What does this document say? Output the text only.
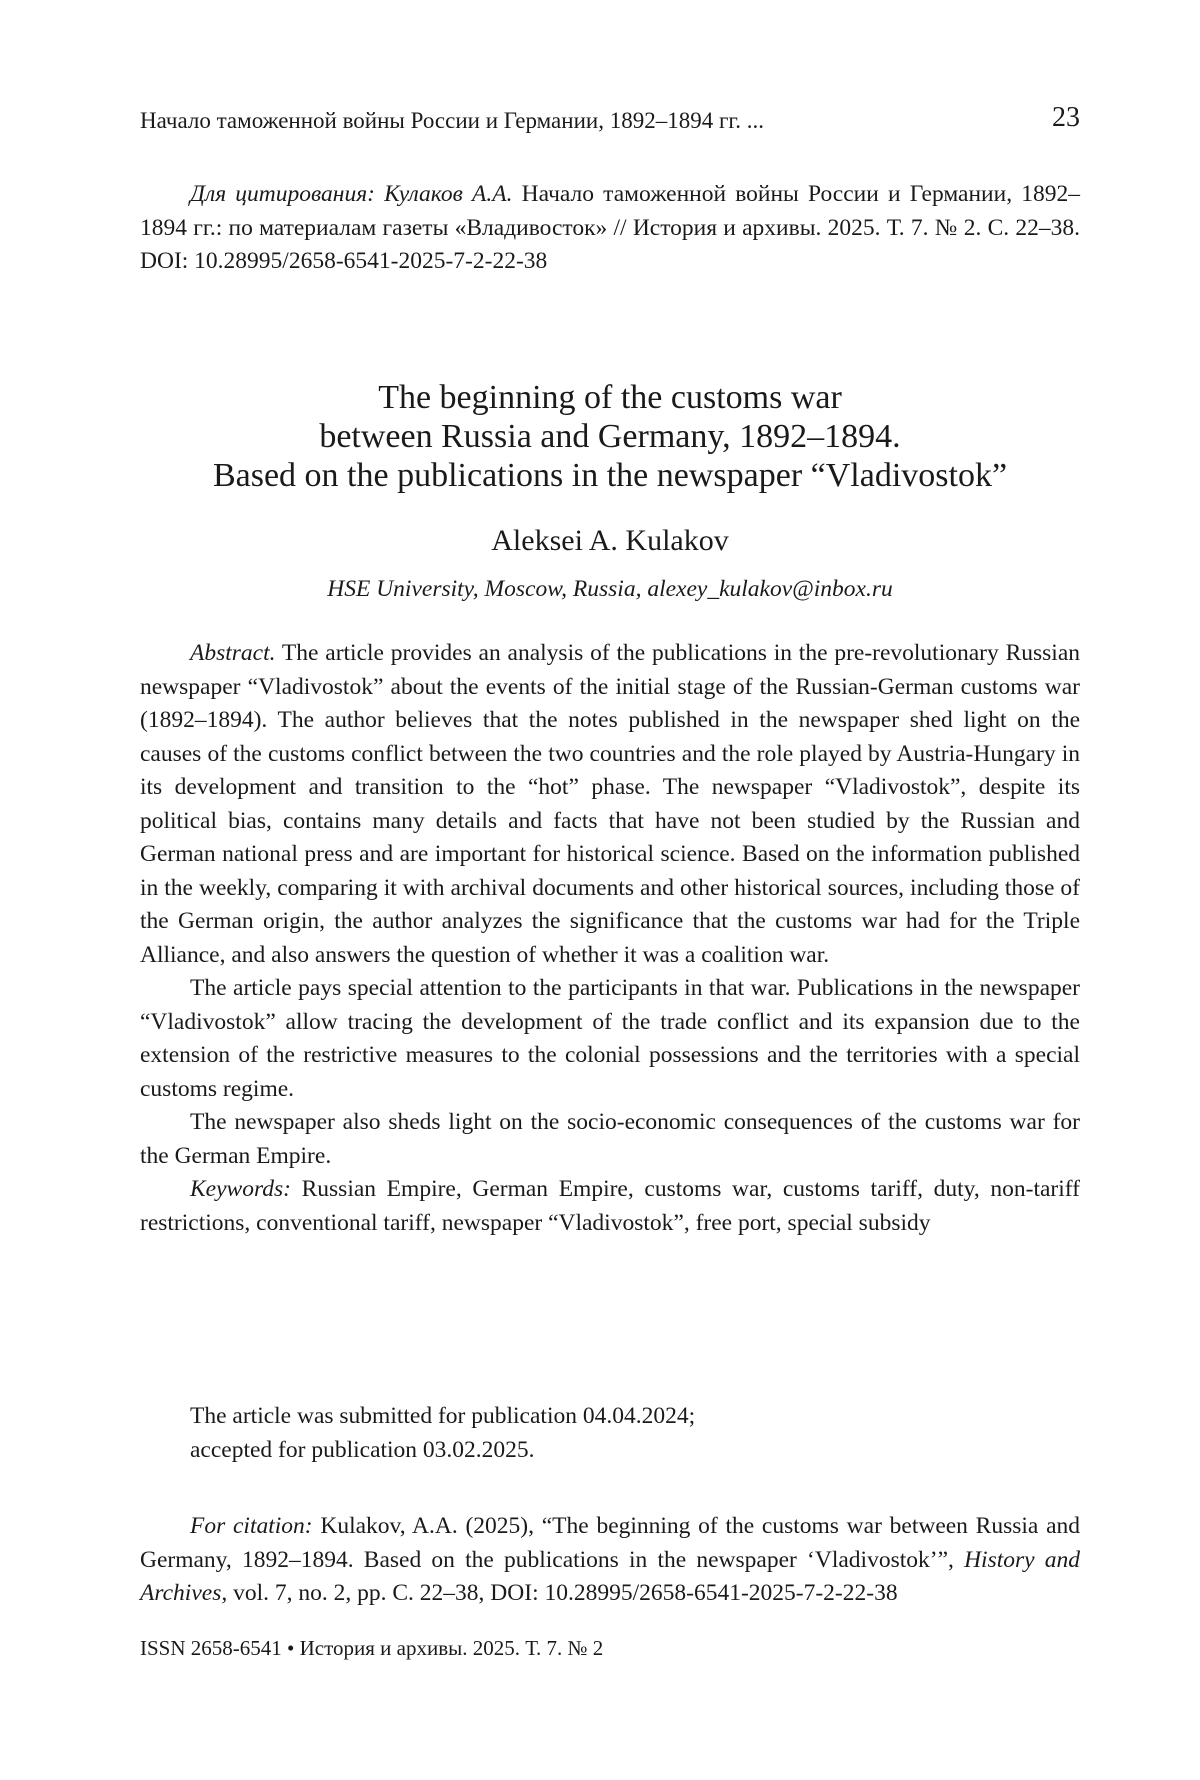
Начало таможенной войны России и Германии, 1892–1894 гг. ...	23

Для цитирования: Кулаков А.А. Начало таможенной войны России и Германии, 1892–1894 гг.: по материалам газеты «Владивосток» // История и архивы. 2025. Т. 7. № 2. С. 22–38. DOI: 10.28995/2658-6541-2025-7-2-22-38

The beginning of the customs war
between Russia and Germany, 1892–1894.
Based on the publications in the newspaper “Vladivostok”
Aleksei A. Kulakov
HSE University, Moscow, Russia, alexey_kulakov@inbox.ru

Abstract. The article provides an analysis of the publications in the pre-revolutionary Russian newspaper “Vladivostok” about the events of the initial stage of the Russian-German customs war (1892–1894). The author believes that the notes published in the newspaper shed light on the causes of the customs conflict between the two countries and the role played by Austria-Hungary in its development and transition to the “hot” phase. The newspaper “Vladivostok”, despite its political bias, contains many details and facts that have not been studied by the Russian and German national press and are important for historical science. Based on the information published in the weekly, comparing it with archival documents and other historical sources, including those of the German origin, the author analyzes the significance that the customs war had for the Triple Alliance, and also answers the question of whether it was a coalition war.

The article pays special attention to the participants in that war. Publications in the newspaper “Vladivostok” allow tracing the development of the trade conflict and its expansion due to the extension of the restrictive measures to the colonial possessions and the territories with a special customs regime.

The newspaper also sheds light on the socio-economic consequences of the customs war for the German Empire.

Keywords: Russian Empire, German Empire, customs war, customs tariff, duty, non-tariff restrictions, conventional tariff, newspaper “Vladivostok”, free port, special subsidy

The article was submitted for publication 04.04.2024;
accepted for publication 03.02.2025.

For citation: Kulakov, A.A. (2025), “The beginning of the customs war between Russia and Germany, 1892–1894. Based on the publications in the newspaper ‘Vladivostok’”, History and Archives, vol. 7, no. 2, pp. C. 22–38, DOI: 10.28995/2658-6541-2025-7-2-22-38

ISSN 2658-6541 • История и архивы. 2025. Т. 7. № 2
